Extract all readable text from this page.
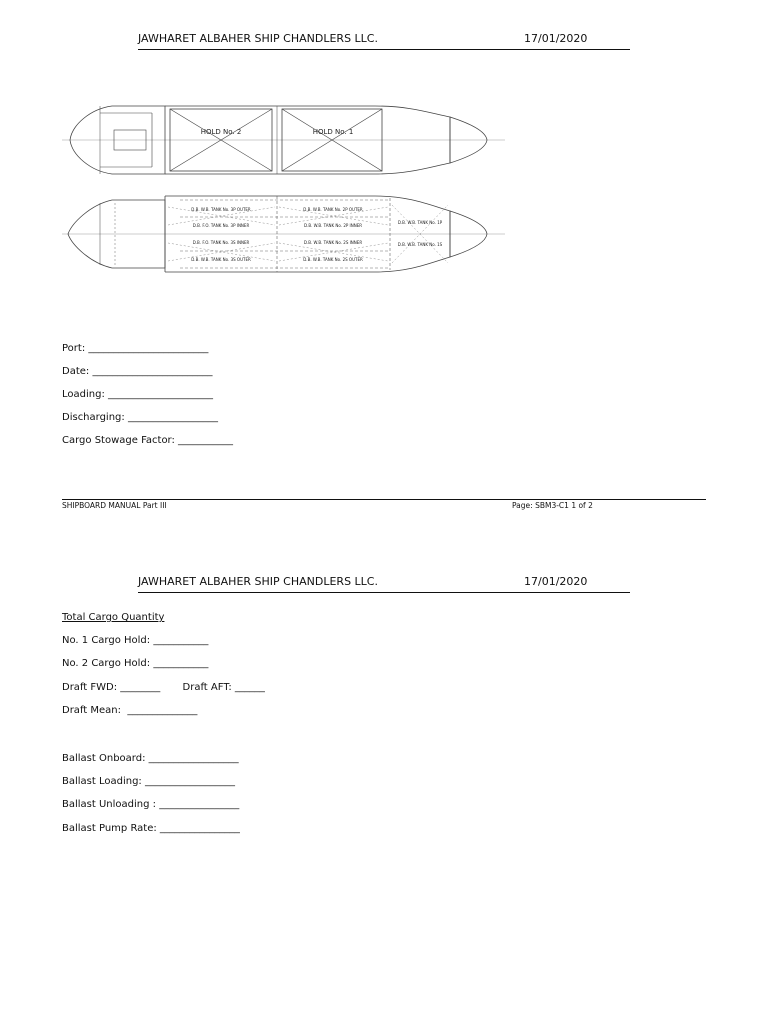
JAWHARET ALBAHER SHIP CHANDLERS LLC.	17/01/2020
HOLD No. 2	HOLD No. 1
D.B. W.B. TANK No. 3P OUTER	D.B. W.B. TANK No. 2P OUTER
D.B. F.O. TANK No. 3P INNER	D.B. W.B. TANK No. 2P INNER
D.B. W.B. TANK No. 1P
D.B. F.O. TANK No. 3S INNER	D.B. W.B. TANK No. 2S INNER	D.B. W.B. TANK No. 1S
D.B. W.B. TANK No. 3S OUTER	D.B. W.B. TANK No. 2S OUTER
Port: ________________________
Date: ________________________
Loading: _____________________
Discharging: __________________
Cargo Stowage Factor: ___________
SHIPBOARD MANUAL Part III	Page: SBM3-C1 1 of 2
JAWHARET ALBAHER SHIP CHANDLERS LLC.	17/01/2020
Total Cargo Quantity
No. 1 Cargo Hold: ___________
No. 2 Cargo Hold: ___________
Draft FWD: ________       Draft AFT: ______
Draft Mean:  ______________
Ballast Onboard: __________________
Ballast Loading: __________________
Ballast Unloading : ________________
Ballast Pump Rate: ________________
